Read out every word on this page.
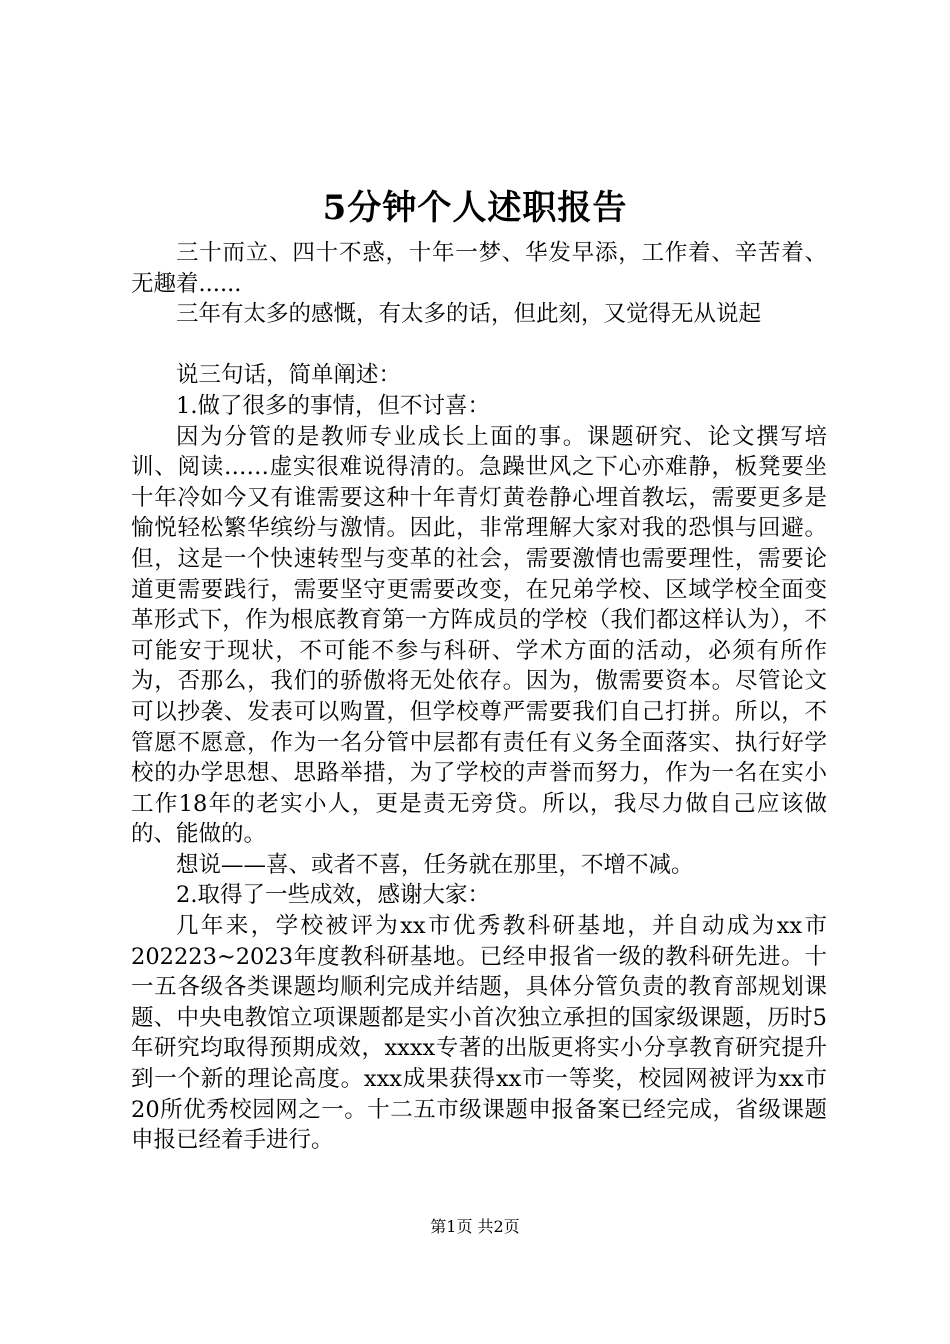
5分钟个人述职报告

三十而立、四十不惑，十年一梦、华发早添，工作着、辛苦着、无趣着......

三年有太多的感慨，有太多的话，但此刻，又觉得无从说起

说三句话，简单阐述：

1.做了很多的事情，但不讨喜：

因为分管的是教师专业成长上面的事。课题研究、论文撰写培训、阅读……虚实很难说得清的。急躁世风之下心亦难静，板凳要坐十年冷如今又有谁需要这种十年青灯黄卷静心埋首教坛，需要更多是愉悦轻松繁华缤纷与激情。因此，非常理解大家对我的恐惧与回避。但，这是一个快速转型与变革的社会，需要激情也需要理性，需要论道更需要践行，需要坚守更需要改变，在兄弟学校、区域学校全面变革形式下，作为根底教育第一方阵成员的学校（我们都这样认为），不可能安于现状，不可能不参与科研、学术方面的活动，必须有所作为，否那么，我们的骄傲将无处依存。因为，傲需要资本。尽管论文可以抄袭、发表可以购置，但学校尊严需要我们自己打拼。所以，不管愿不愿意，作为一名分管中层都有责任有义务全面落实、执行好学校的办学思想、思路举措，为了学校的声誉而努力，作为一名在实小工作18年的老实小人，更是责无旁贷。所以，我尽力做自己应该做的、能做的。

想说——喜、或者不喜，任务就在那里，不增不减。

2.取得了一些成效，感谢大家：

几年来，学校被评为xx市优秀教科研基地，并自动成为xx市202223~2023年度教科研基地。已经申报省一级的教科研先进。十一五各级各类课题均顺利完成并结题，具体分管负责的教育部规划课题、中央电教馆立项课题都是实小首次独立承担的国家级课题，历时5年研究均取得预期成效，xxxx专著的出版更将实小分享教育研究提升到一个新的理论高度。xxx成果获得xx市一等奖，校园网被评为xx市20所优秀校园网之一。十二五市级课题申报备案已经完成，省级课题申报已经着手进行。

第1页 共2页
